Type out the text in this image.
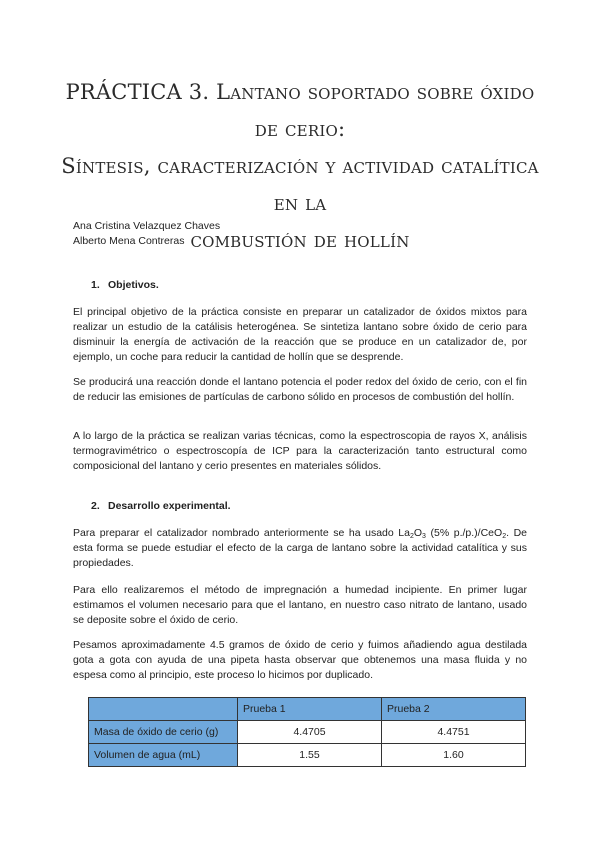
PRÁCTICA 3. Lantano soportado sobre óxido de cerio:
Síntesis, caracterización y actividad catalítica en la
combustión de hollín
Ana Cristina Velazquez Chaves
Alberto Mena Contreras
1. Objetivos.
El principal objetivo de la práctica consiste en preparar un catalizador de óxidos mixtos para realizar un estudio de la catálisis heterogénea. Se sintetiza lantano sobre óxido de cerio para disminuir la energía de activación de la reacción que se produce en un catalizador de, por ejemplo, un coche para reducir la cantidad de hollín que se desprende.
Se producirá una reacción donde el lantano potencia el poder redox del óxido de cerio, con el fin de reducir las emisiones de partículas de carbono sólido en procesos de combustión del hollín.
A lo largo de la práctica se realizan varias técnicas, como la espectroscopia de rayos X, análisis termogravimétrico o espectroscopía de ICP para la caracterización tanto estructural como composicional del lantano y cerio presentes en materiales sólidos.
2. Desarrollo experimental.
Para preparar el catalizador nombrado anteriormente se ha usado $La_2O_3$ (5% p./p.)/CeO$_2$. De esta forma se puede estudiar el efecto de la carga de lantano sobre la actividad catalítica y sus propiedades.
Para ello realizaremos el método de impregnación a humedad incipiente. En primer lugar estimamos el volumen necesario para que el lantano, en nuestro caso nitrato de lantano, usado se deposite sobre el óxido de cerio.
Pesamos aproximadamente 4.5 gramos de óxido de cerio y fuimos añadiendo agua destilada gota a gota con ayuda de una pipeta hasta observar que obtenemos una masa fluida y no espesa como al principio, este proceso lo hicimos por duplicado.
	Prueba 1	Prueba 2
Masa de óxido de cerio (g)	4.4705	4.4751
Volumen de agua (mL)	1.55	1.60
